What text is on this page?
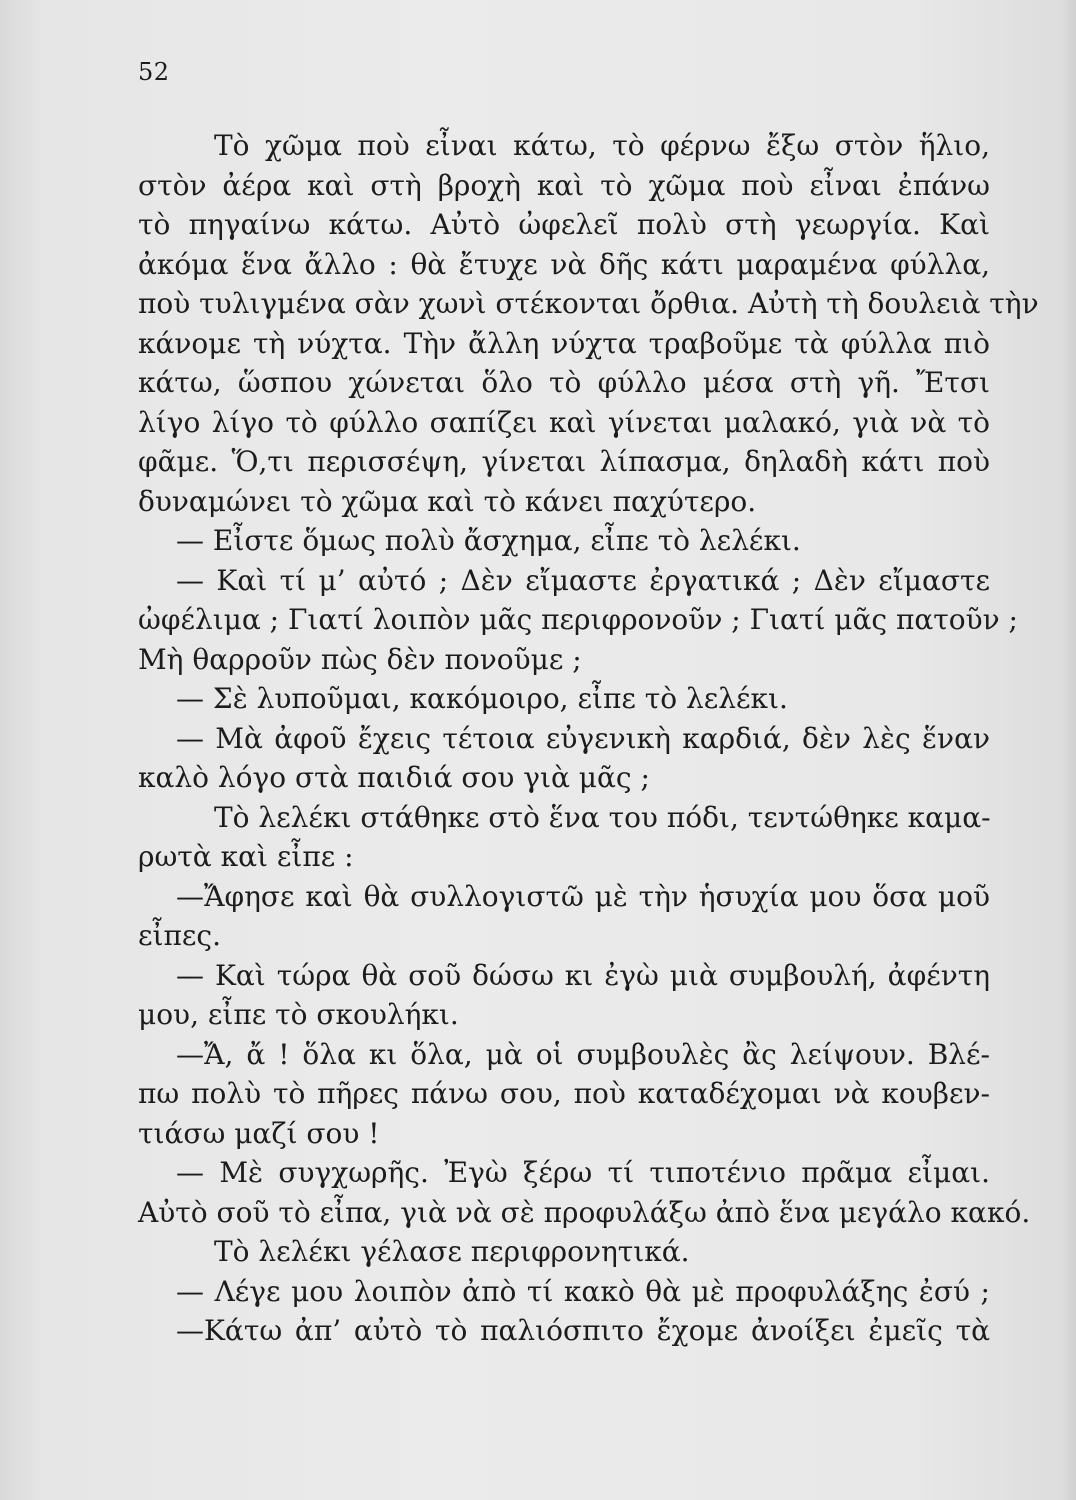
52
Τὸ χῶμα ποὺ εἶναι κάτω, τὸ φέρνω ἔξω στὸν ἥλιο,
στὸν ἀέρα καὶ στὴ βροχὴ καὶ τὸ χῶμα ποὺ εἶναι ἐπάνω
τὸ πηγαίνω κάτω. Αὐτὸ ὠφελεῖ πολὺ στὴ γεωργία. Καὶ
ἀκόμα ἕνα ἄλλο : θὰ ἔτυχε νὰ δῆς κάτι μαραμένα φύλλα,
ποὺ τυλιγμένα σὰν χωνὶ στέκονται ὄρθια. Αὐτὴ τὴ δουλειὰ τὴν
κάνομε τὴ νύχτα. Τὴν ἄλλη νύχτα τραβοῦμε τὰ φύλλα πιὸ
κάτω, ὥσπου χώνεται ὅλο τὸ φύλλο μέσα στὴ γῆ. Ἔτσι
λίγο λίγο τὸ φύλλο σαπίζει καὶ γίνεται μαλακό, γιὰ νὰ τὸ
φᾶμε. Ὅ,τι περισσέψη, γίνεται λίπασμα, δηλαδὴ κάτι ποὺ
δυναμώνει τὸ χῶμα καὶ τὸ κάνει παχύτερο.
— Εἶστε ὅμως πολὺ ἄσχημα, εἶπε τὸ λελέκι.
— Καὶ τί μ’ αὐτό ; Δὲν εἴμαστε ἐργατικά ; Δὲν εἴμαστε
ὠφέλιμα ; Γιατί λοιπὸν μᾶς περιφρονοῦν ; Γιατί μᾶς πατοῦν ;
Μὴ θαρροῦν πὼς δὲν πονοῦμε ;
— Σὲ λυποῦμαι, κακόμοιρο, εἶπε τὸ λελέκι.
— Μὰ ἀφοῦ ἔχεις τέτοια εὐγενικὴ καρδιά, δὲν λὲς ἕναν
καλὸ λόγο στὰ παιδιά σου γιὰ μᾶς ;
Τὸ λελέκι στάθηκε στὸ ἕνα του πόδι, τεντώθηκε καμα-
ρωτὰ καὶ εἶπε :
—Ἄφησε καὶ θὰ συλλογιστῶ μὲ τὴν ἡσυχία μου ὅσα μοῦ
εἶπες.
— Καὶ τώρα θὰ σοῦ δώσω κι ἐγὼ μιὰ συμβουλή, ἀφέντη
μου, εἶπε τὸ σκουλήκι.
—Ἄ, ἄ ! ὅλα κι ὅλα, μὰ οἱ συμβουλὲς ἂς λείψουν. Βλέ-
πω πολὺ τὸ πῆρες πάνω σου, ποὺ καταδέχομαι νὰ κουβεν-
τιάσω μαζί σου !
— Μὲ συγχωρῆς. Ἐγὼ ξέρω τί τιποτένιο πρᾶμα εἶμαι.
Αὐτὸ σοῦ τὸ εἶπα, γιὰ νὰ σὲ προφυλάξω ἀπὸ ἕνα μεγάλο κακό.
Τὸ λελέκι γέλασε περιφρονητικά.
— Λέγε μου λοιπὸν ἀπὸ τί κακὸ θὰ μὲ προφυλάξης ἐσύ ;
—Κάτω ἀπ’ αὐτὸ τὸ παλιόσπιτο ἔχομε ἀνοίξει ἐμεῖς τὰ
